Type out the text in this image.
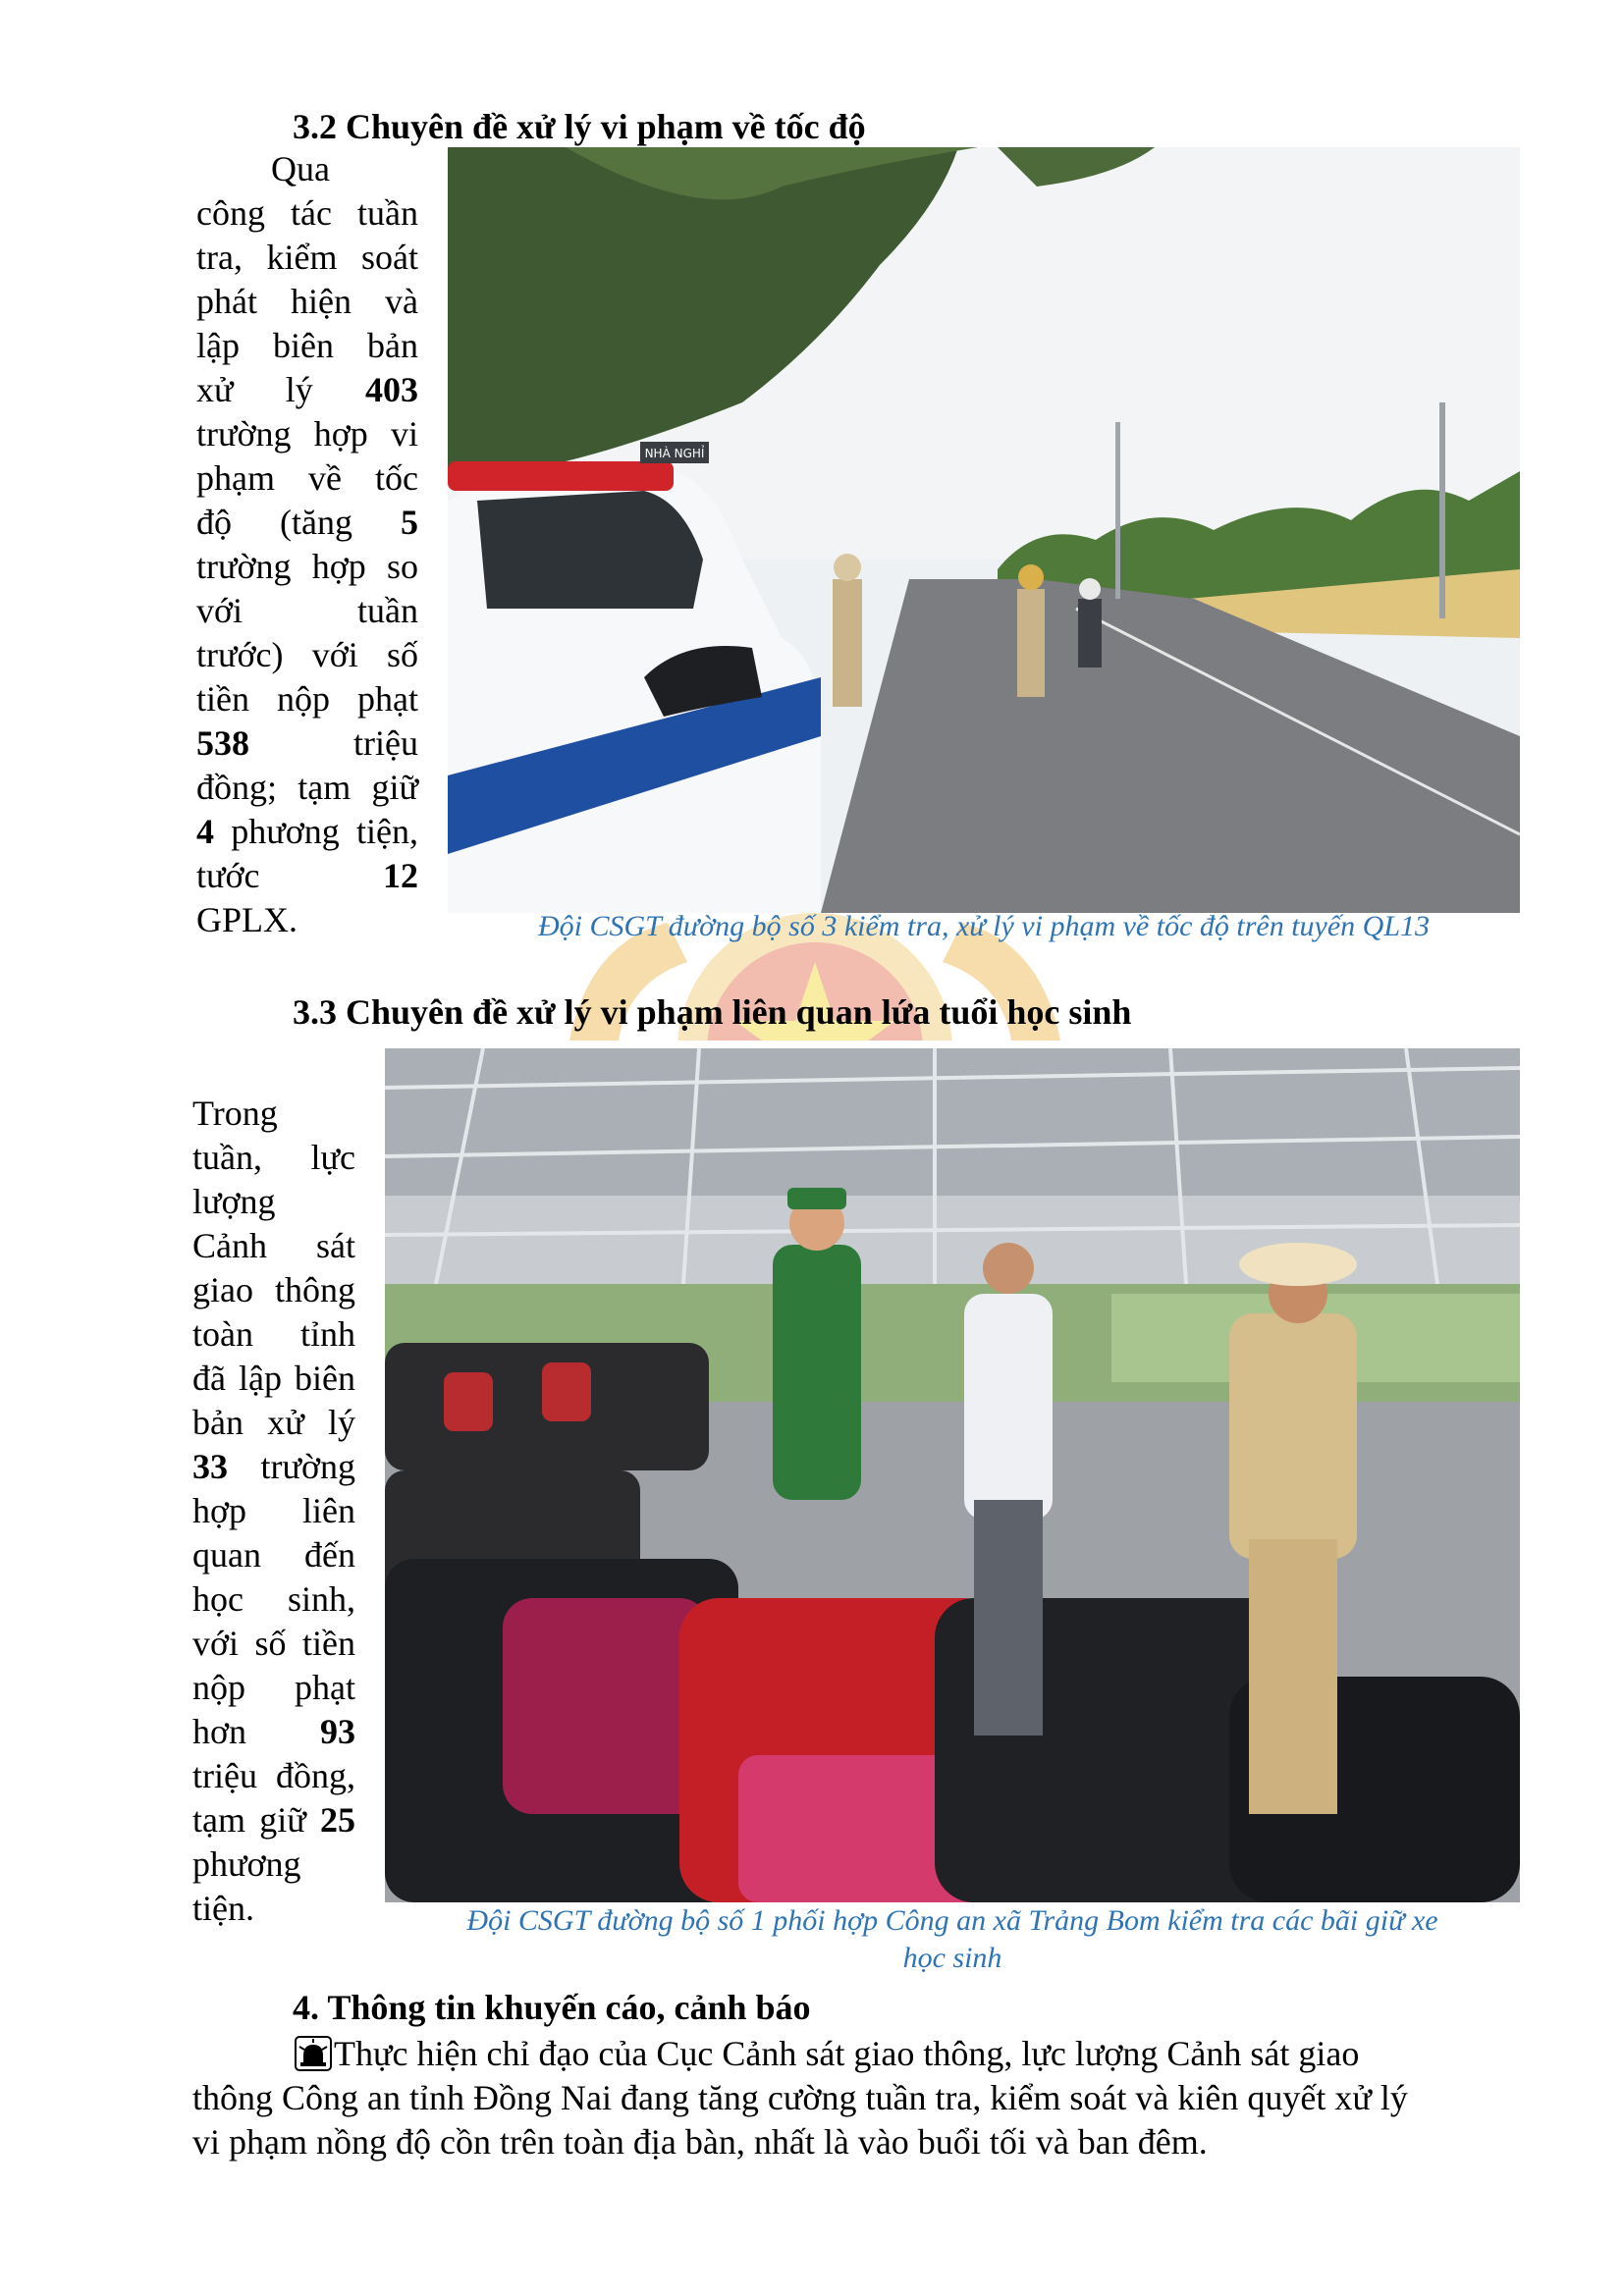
3.2 Chuyên đề xử lý vi phạm về tốc độ

Qua

công tác tuần

tra, kiểm soát

phát hiện và

lập biên bản

xử lý 403

trường hợp vi

phạm về tốc

độ (tăng 5

trường hợp so

với	tuần

trước) với số

tiền nộp phạt

538	triệu

đồng; tạm giữ

4 phương tiện,

tước	12

GPLX.

NHÀ NGHỈ
Đội CSGT đường bộ số 3 kiểm tra, xử lý vi phạm về tốc độ trên tuyến QL13
3.3 Chuyên đề xử lý vi phạm liên quan lứa tuổi học sinh

Trong

tuần, lực

lượng

Cảnh sát

giao thông

toàn tỉnh

đã lập biên

bản xử lý

33 trường

hợp liên

quan đến

học sinh,

với số tiền

nộp phạt

hơn 93

triệu đồng,

tạm giữ 25

phương

tiện.	Đội CSGT đường bộ số 1 phối hợp Công an xã Trảng Bom kiểm tra các bãi giữ xe
học sinh
4. Thông tin khuyến cáo, cảnh báo
Thực hiện chỉ đạo của Cục Cảnh sát giao thông, lực lượng Cảnh sát giao
thông Công an tỉnh Đồng Nai đang tăng cường tuần tra, kiểm soát và kiên quyết xử lý
vi phạm nồng độ cồn trên toàn địa bàn, nhất là vào buổi tối và ban đêm.
